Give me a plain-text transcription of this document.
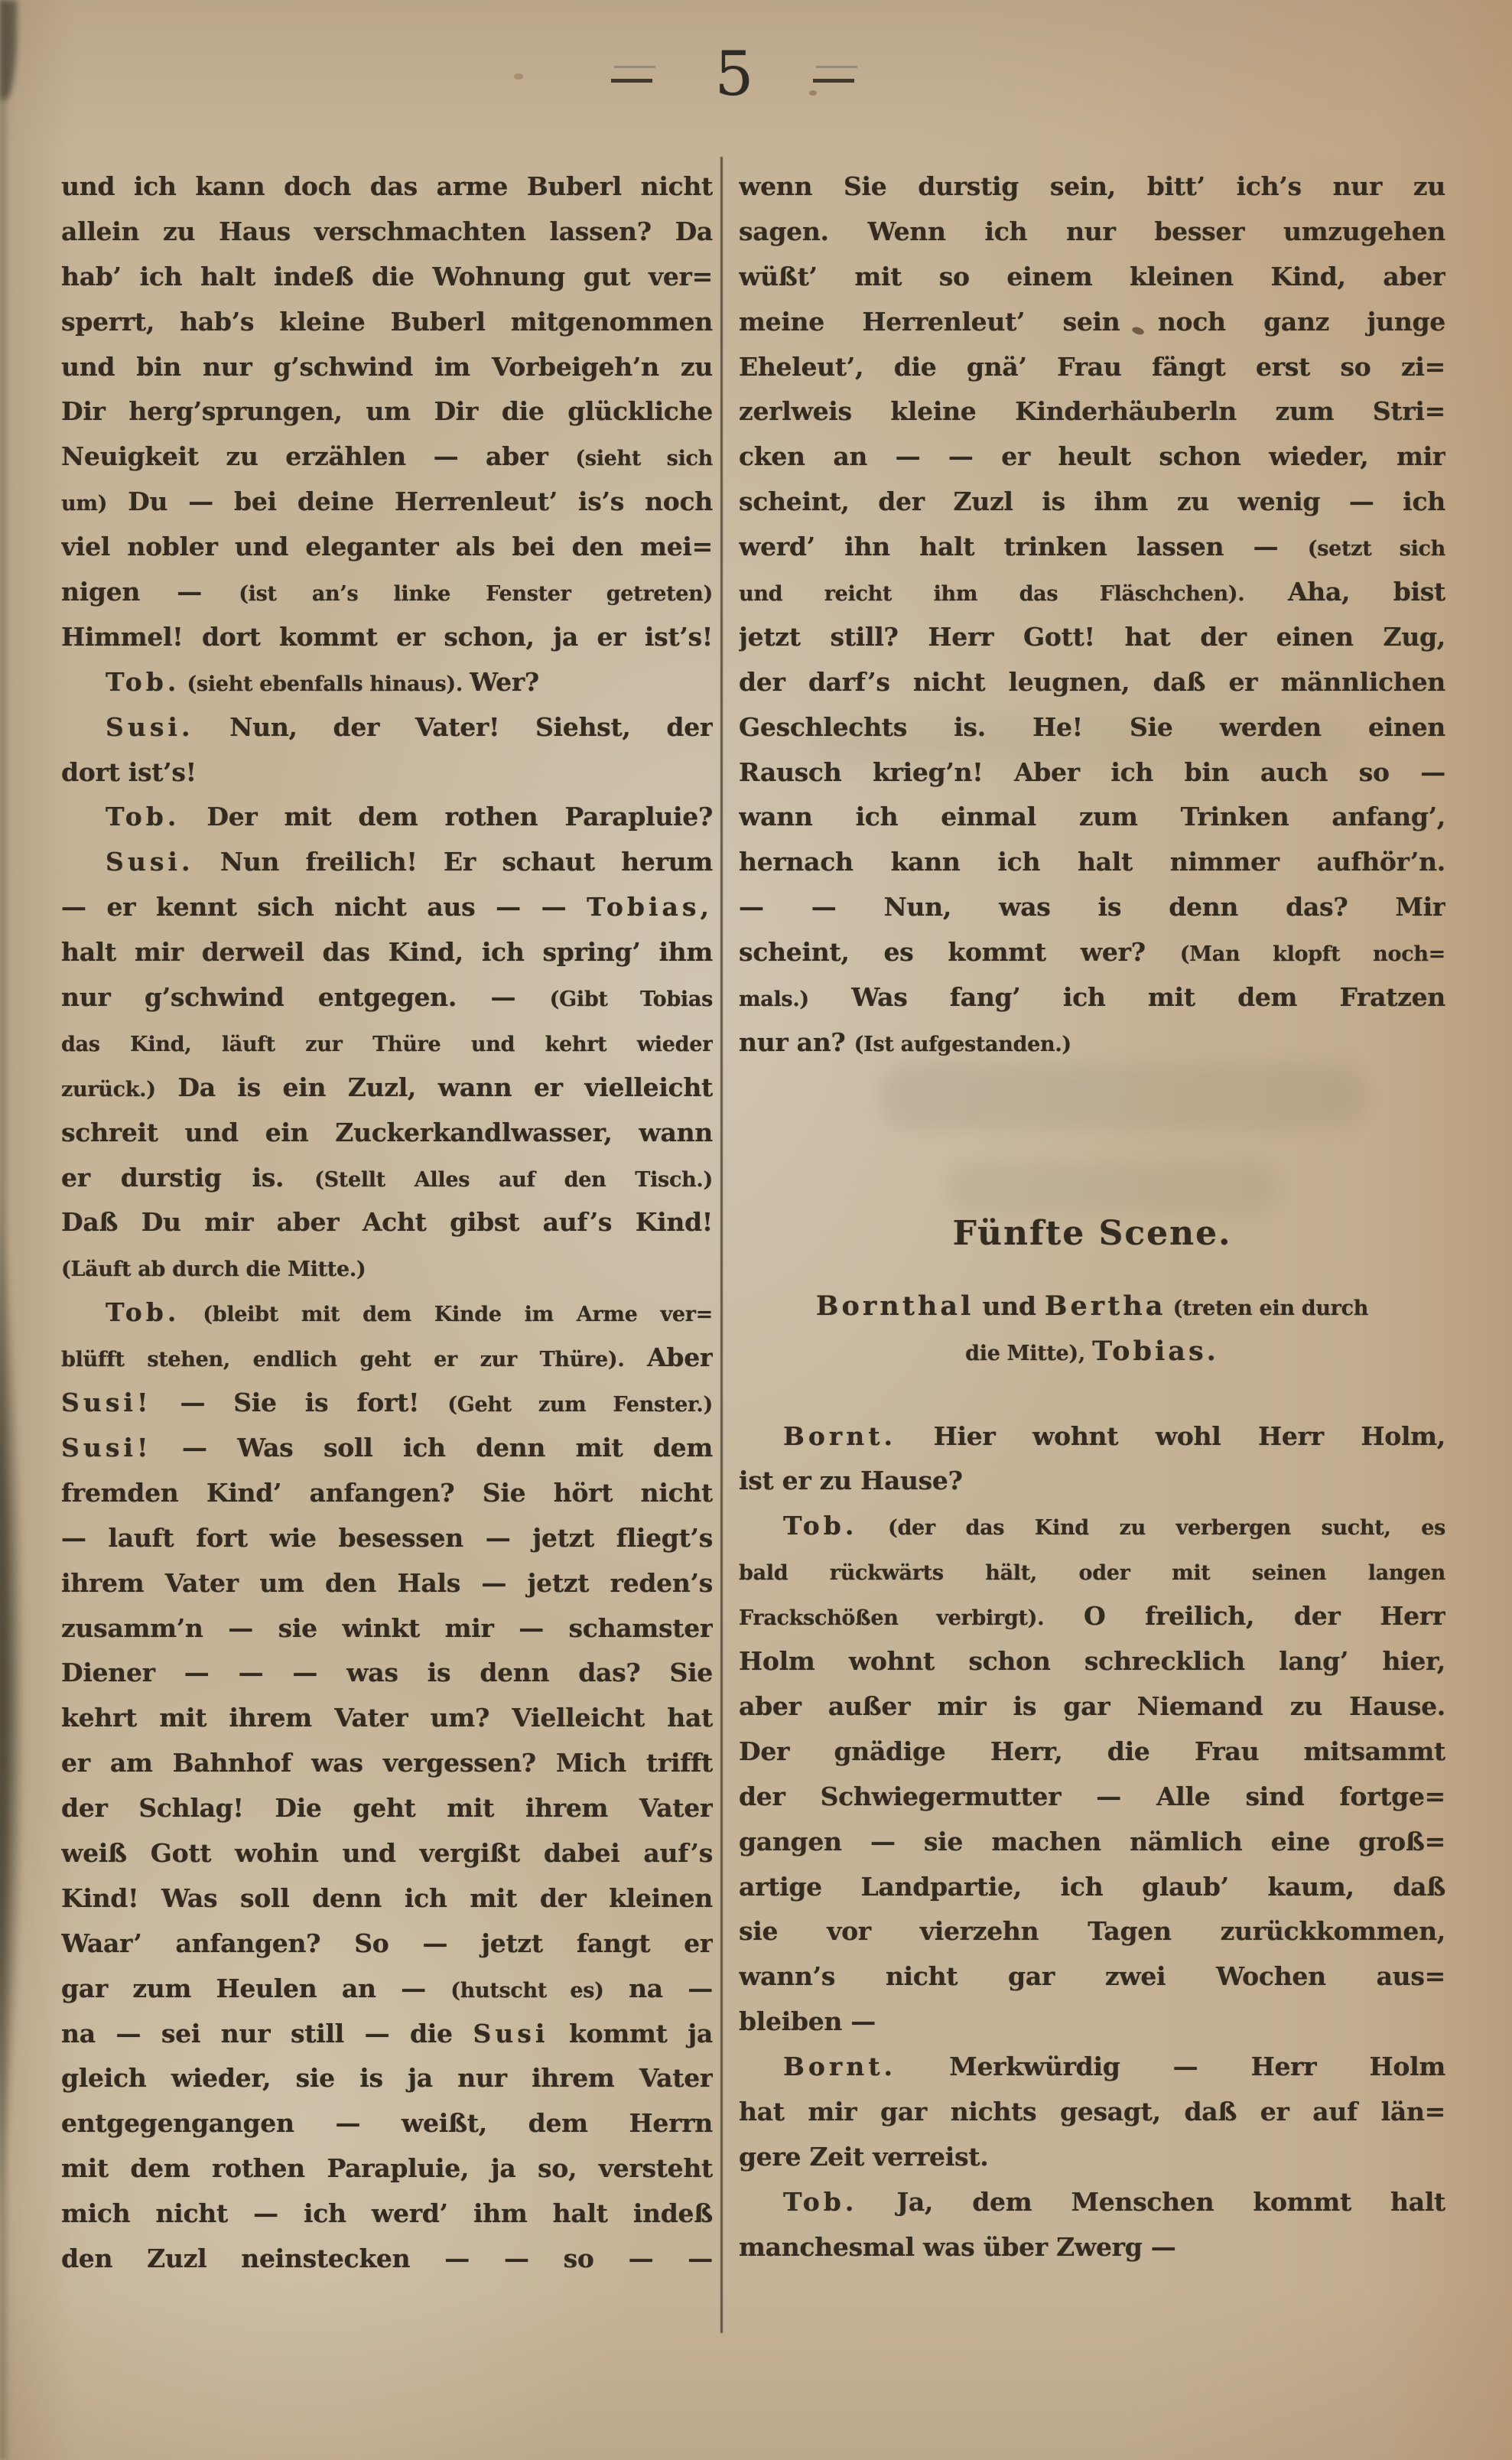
5
und ich kann doch das arme Buberl nicht
allein zu Haus verschmachten lassen? Da
hab’ ich halt indeß die Wohnung gut ver=
sperrt, hab’s kleine Buberl mitgenommen
und bin nur g’schwind im Vorbeigeh’n zu
Dir herg’sprungen, um Dir die glückliche
Neuigkeit zu erzählen — aber (sieht sich
um) Du — bei deine Herrenleut’ is’s noch
viel nobler und eleganter als bei den mei=
nigen — (ist an’s linke Fenster getreten)
Himmel! dort kommt er schon, ja er ist’s!
Tob. (sieht ebenfalls hinaus). Wer?
Susi. Nun, der Vater! Siehst, der
dort ist’s!
Tob. Der mit dem rothen Parapluie?
Susi. Nun freilich! Er schaut herum
— er kennt sich nicht aus — — Tobias,
halt mir derweil das Kind, ich spring’ ihm
nur g’schwind entgegen. — (Gibt Tobias
das Kind, läuft zur Thüre und kehrt wieder
zurück.) Da is ein Zuzl, wann er vielleicht
schreit und ein Zuckerkandlwasser, wann
er durstig is. (Stellt Alles auf den Tisch.)
Daß Du mir aber Acht gibst auf’s Kind!
(Läuft ab durch die Mitte.)
Tob. (bleibt mit dem Kinde im Arme ver=
blüfft stehen, endlich geht er zur Thüre). Aber
Susi! — Sie is fort! (Geht zum Fenster.)
Susi! — Was soll ich denn mit dem
fremden Kind’ anfangen? Sie hört nicht
— lauft fort wie besessen — jetzt fliegt’s
ihrem Vater um den Hals — jetzt reden’s
zusamm’n — sie winkt mir — schamster
Diener — — — was is denn das? Sie
kehrt mit ihrem Vater um? Vielleicht hat
er am Bahnhof was vergessen? Mich trifft
der Schlag! Die geht mit ihrem Vater
weiß Gott wohin und vergißt dabei auf’s
Kind! Was soll denn ich mit der kleinen
Waar’ anfangen? So — jetzt fangt er
gar zum Heulen an — (hutscht es) na —
na — sei nur still — die Susi kommt ja
gleich wieder, sie is ja nur ihrem Vater
entgegengangen — weißt, dem Herrn
mit dem rothen Parapluie, ja so, versteht
mich nicht — ich werd’ ihm halt indeß
den Zuzl neinstecken — — so — —
wenn Sie durstig sein, bitt’ ich’s nur zu
sagen. Wenn ich nur besser umzugehen
wüßt’ mit so einem kleinen Kind, aber
meine Herrenleut’ sein noch ganz junge
Eheleut’, die gnä’ Frau fängt erst so zi=
zerlweis kleine Kinderhäuberln zum Stri=
cken an — — er heult schon wieder, mir
scheint, der Zuzl is ihm zu wenig — ich
werd’ ihn halt trinken lassen — (setzt sich
und reicht ihm das Fläschchen). Aha, bist
jetzt still? Herr Gott! hat der einen Zug,
der darf’s nicht leugnen, daß er männlichen
Geschlechts is. He! Sie werden einen
Rausch krieg’n! Aber ich bin auch so —
wann ich einmal zum Trinken anfang’,
hernach kann ich halt nimmer aufhör’n.
— — Nun, was is denn das? Mir
scheint, es kommt wer? (Man klopft noch=
mals.) Was fang’ ich mit dem Fratzen
nur an? (Ist aufgestanden.)
Fünfte Scene.
Bornthal und Bertha (treten ein durch
die Mitte), Tobias.
Bornt. Hier wohnt wohl Herr Holm,
ist er zu Hause?
Tob. (der das Kind zu verbergen sucht, es
bald rückwärts hält, oder mit seinen langen
Frackschößen verbirgt). O freilich, der Herr
Holm wohnt schon schrecklich lang’ hier,
aber außer mir is gar Niemand zu Hause.
Der gnädige Herr, die Frau mitsammt
der Schwiegermutter — Alle sind fortge=
gangen — sie machen nämlich eine groß=
artige Landpartie, ich glaub’ kaum, daß
sie vor vierzehn Tagen zurückkommen,
wann’s nicht gar zwei Wochen aus=
bleiben —
Bornt. Merkwürdig — Herr Holm
hat mir gar nichts gesagt, daß er auf län=
gere Zeit verreist.
Tob. Ja, dem Menschen kommt halt
manchesmal was über Zwerg —
